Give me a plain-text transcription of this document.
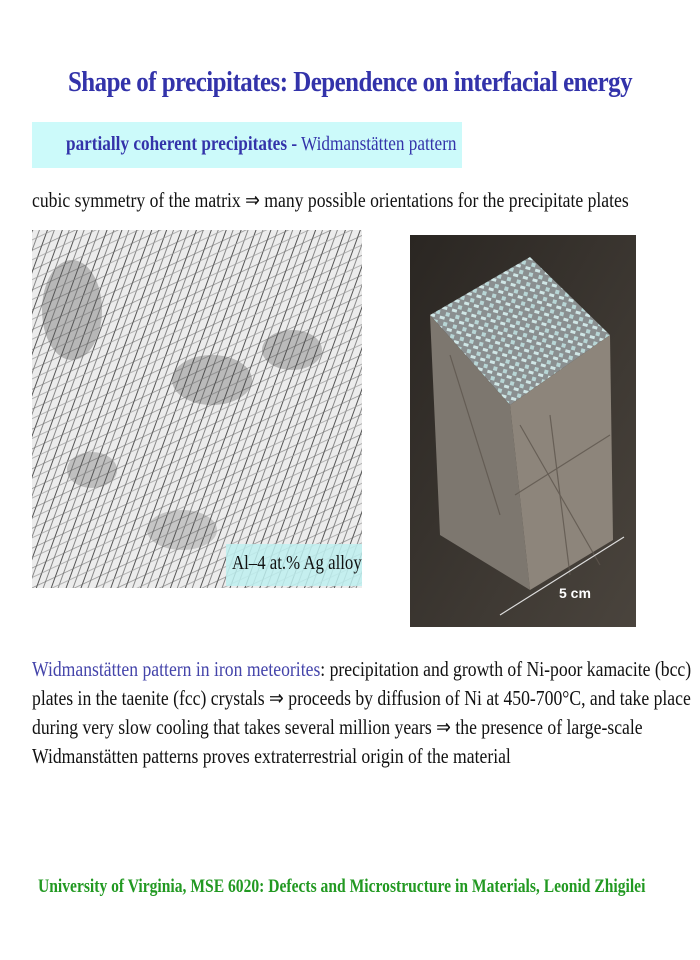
Shape of precipitates: Dependence on interfacial energy
partially coherent precipitates - Widmanstätten pattern
cubic symmetry of the matrix ⇒ many possible orientations for the precipitate plates
Al–4 at.% Ag alloy
5 cm
Widmanstätten pattern in iron meteorites: precipitation and growth of Ni-poor kamacite (bcc)
plates in the taenite (fcc) crystals ⇒ proceeds by diffusion of Ni at 450-700°C, and take place
during very slow cooling that takes several million years ⇒ the presence of large-scale
Widmanstätten patterns proves extraterrestrial origin of the material
University of Virginia, MSE 6020: Defects and Microstructure in Materials, Leonid Zhigilei
